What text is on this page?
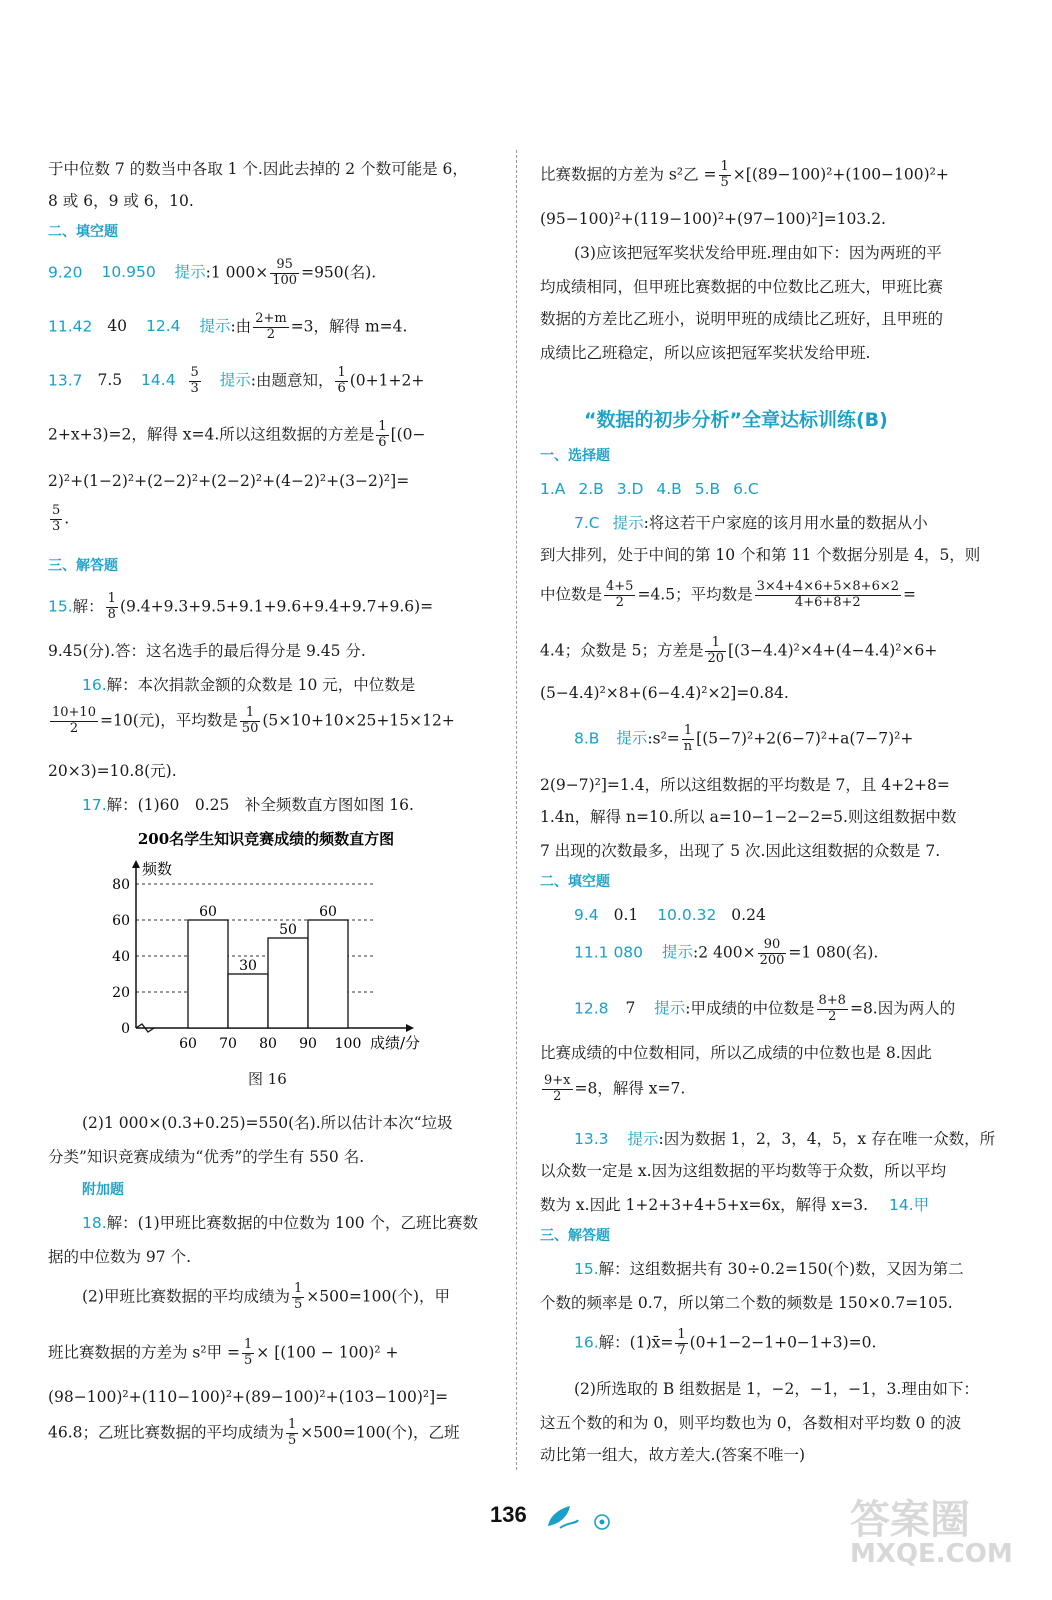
于中位数 7 的数当中各取 1 个.因此去掉的 2 个数可能是 6，
8 或 6，9 或 6，10.
二、填空题
9.20 10.950 提示:1 $000\times \frac{95}{100} =950$(名).
11.42 40 12.4 提示:由 $\frac{2+m}{2} =3$，解得 m=4.
13.7 7.5 $14.4 \frac{5}{3}$ 提示:由题意知， $\frac{1}{6} (0+1+2+$
2+x+3)=2，解得 x=4.所以这组数据的方差是 $\frac{1}{6} [(0-$
2)²+(1−2)²+(2−2)²+(2−2)²+(4−2)²+(3−2)²]=
$\frac{5}{3}$ .
三、解答题
15.解： $\frac{1}{8} (9.4+9.3+9.5+9.1+9.6+9.4+9.7+9.6)=$
9.45(分).答：这名选手的最后得分是 9.45 分.
16.解：本次捐款金额的众数是 10 元，中位数是
$\frac{10+10}{2} =10$(元)，平均数是 $\frac{1}{50} (5\times 10+10\times 25+15\times 12+$
20×3)=10.8(元).
17.解：(1)60　0.25　补全频数直方图如图 16.
200名学生知识竞赛成绩的频数直方图
频数
0
20
40
60
80
60
30
50
60
60 70 80 90 100 成绩/分
图 16
(2)1 000×(0.3+0.25)=550(名).所以估计本次“垃圾
分类”知识竞赛成绩为“优秀”的学生有 550 名.
附加题
18.解：(1)甲班比赛数据的中位数为 100 个，乙班比赛数
据的中位数为 97 个.
(2)甲班比赛数据的平均成绩为 $\frac{1}{5} \times 500=100$(个)，甲
班比赛数据的方差为 s²甲 = $\frac{1}{5} \times [(100 - 100)^2$ +
(98−100)²+(110−100)²+(89−100)²+(103−100)²]=
46.8；乙班比赛数据的平均成绩为 $\frac{1}{5} \times 500=100$(个)，乙班
比赛数据的方差为 s²乙 = $\frac{1}{5} \times[(89-100)^2+(100-100)^2+$
(95−100)²+(119−100)²+(97−100)²]=103.2.
(3)应该把冠军奖状发给甲班.理由如下：因为两班的平
均成绩相同，但甲班比赛数据的中位数比乙班大，甲班比赛
数据的方差比乙班小，说明甲班的成绩比乙班好，且甲班的
成绩比乙班稳定，所以应该把冠军奖状发给甲班.
“数据的初步分析”全章达标训练(B)
一、选择题
1.A 2.B 3.D 4.B 5.B 6.C
7.C 提示:将这若干户家庭的该月用水量的数据从小
到大排列，处于中间的第 10 个和第 11 个数据分别是 4，5，则
中位数是 $\frac{4+5}{2} =4.5$；平均数是 $\frac{3\times 4+4\times 6+5\times 8+6\times 2}{4+6+8+2}$ =
4.4；众数是 5；方差是 $\frac{1}{20} [(3-4.4)^2\times 4+(4-4.4)^2\times 6+$
(5−4.4)²×8+(6−4.4)²×2]=0.84.
8.B 提示:s²= $\frac{1}{n} [(5-7)^2+2(6-7)^2+a(7-7)^2+$
2(9−7)²]=1.4，所以这组数据的平均数是 7，且 4+2+8=
1.4n，解得 n=10.所以 a=10−1−2−2=5.则这组数据中数
7 出现的次数最多，出现了 5 次.因此这组数据的众数是 7.
二、填空题
9.4 0.1 10.0.32 0.24
11.1 080 提示:2 $400\times \frac{90}{200} =1$ 080(名).
12.8 7 提示:甲成绩的中位数是 $\frac{8+8}{2} =8$.因为两人的
比赛成绩的中位数相同，所以乙成绩的中位数也是 8.因此
$\frac{9+x}{2} =8$，解得 x=7.
13.3 提示:因为数据 1，2，3，4，5，x 存在唯一众数，所
以众数一定是 x.因为这组数据的平均数等于众数，所以平均
数为 x.因此 1+2+3+4+5+x=6x，解得 x=3. 14.甲
三、解答题
15.解：这组数据共有 30÷0.2=150(个)数，又因为第二
个数的频率是 0.7，所以第二个数的频数是 150×0.7=105.
16.解：(1)x̄= $\frac{1}{7} (0+1-2-1+0-1+3)=0$.
(2)所选取的 B 组数据是 1，−2，−1，−1，3.理由如下：
这五个数的和为 0，则平均数也为 0，各数相对平均数 0 的波
动比第一组大，故方差大.(答案不唯一)
136	答案圈
MXQE.COM
